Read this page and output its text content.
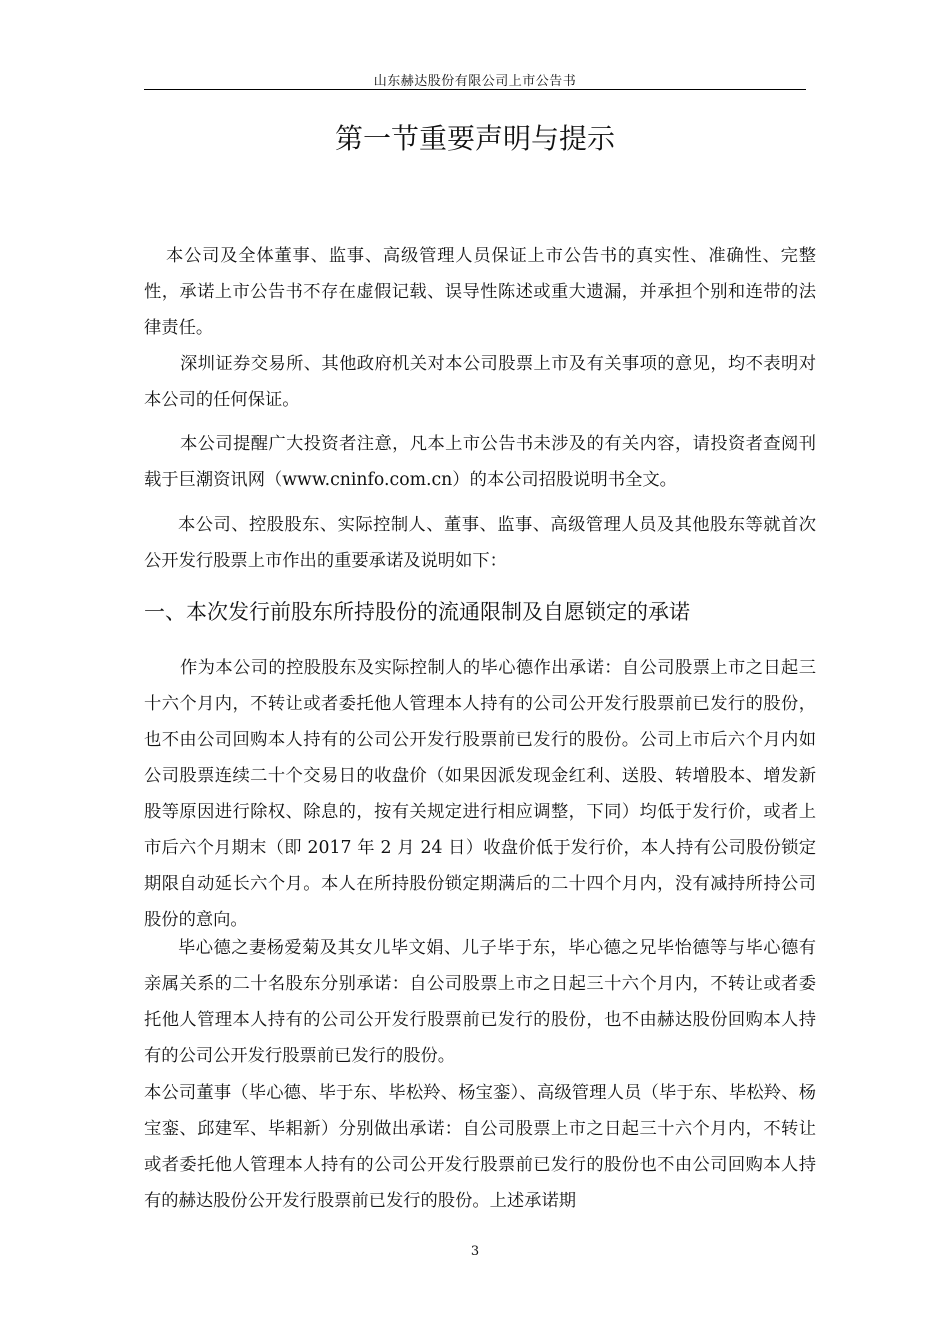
山东赫达股份有限公司上市公告书
第一节重要声明与提示

本公司及全体董事、监事、高级管理人员保证上市公告书的真实性、准确性、完整性，承诺上市公告书不存在虚假记载、误导性陈述或重大遗漏，并承担个别和连带的法律责任。

深圳证券交易所、其他政府机关对本公司股票上市及有关事项的意见，均不表明对本公司的任何保证。

本公司提醒广大投资者注意，凡本上市公告书未涉及的有关内容，请投资者查阅刊载于巨潮资讯网（www.cninfo.com.cn）的本公司招股说明书全文。

本公司、控股股东、实际控制人、董事、监事、高级管理人员及其他股东等就首次公开发行股票上市作出的重要承诺及说明如下：

一、本次发行前股东所持股份的流通限制及自愿锁定的承诺

作为本公司的控股股东及实际控制人的毕心德作出承诺：自公司股票上市之日起三十六个月内，不转让或者委托他人管理本人持有的公司公开发行股票前已发行的股份，也不由公司回购本人持有的公司公开发行股票前已发行的股份。公司上市后六个月内如公司股票连续二十个交易日的收盘价（如果因派发现金红利、送股、转增股本、增发新股等原因进行除权、除息的，按有关规定进行相应调整，下同）均低于发行价，或者上市后六个月期末（即 2017 年 2 月 24 日）收盘价低于发行价，本人持有公司股份锁定期限自动延长六个月。本人在所持股份锁定期满后的二十四个月内，没有减持所持公司股份的意向。

毕心德之妻杨爱菊及其女儿毕文娟、儿子毕于东，毕心德之兄毕怡德等与毕心德有亲属关系的二十名股东分别承诺：自公司股票上市之日起三十六个月内，不转让或者委托他人管理本人持有的公司公开发行股票前已发行的股份，也不由赫达股份回购本人持有的公司公开发行股票前已发行的股份。

本公司董事（毕心德、毕于东、毕松羚、杨宝銮）、高级管理人员（毕于东、毕松羚、杨宝銮、邱建军、毕耜新）分别做出承诺：自公司股票上市之日起三十六个月内，不转让或者委托他人管理本人持有的公司公开发行股票前已发行的股份也不由公司回购本人持有的赫达股份公开发行股票前已发行的股份。上述承诺期

3
